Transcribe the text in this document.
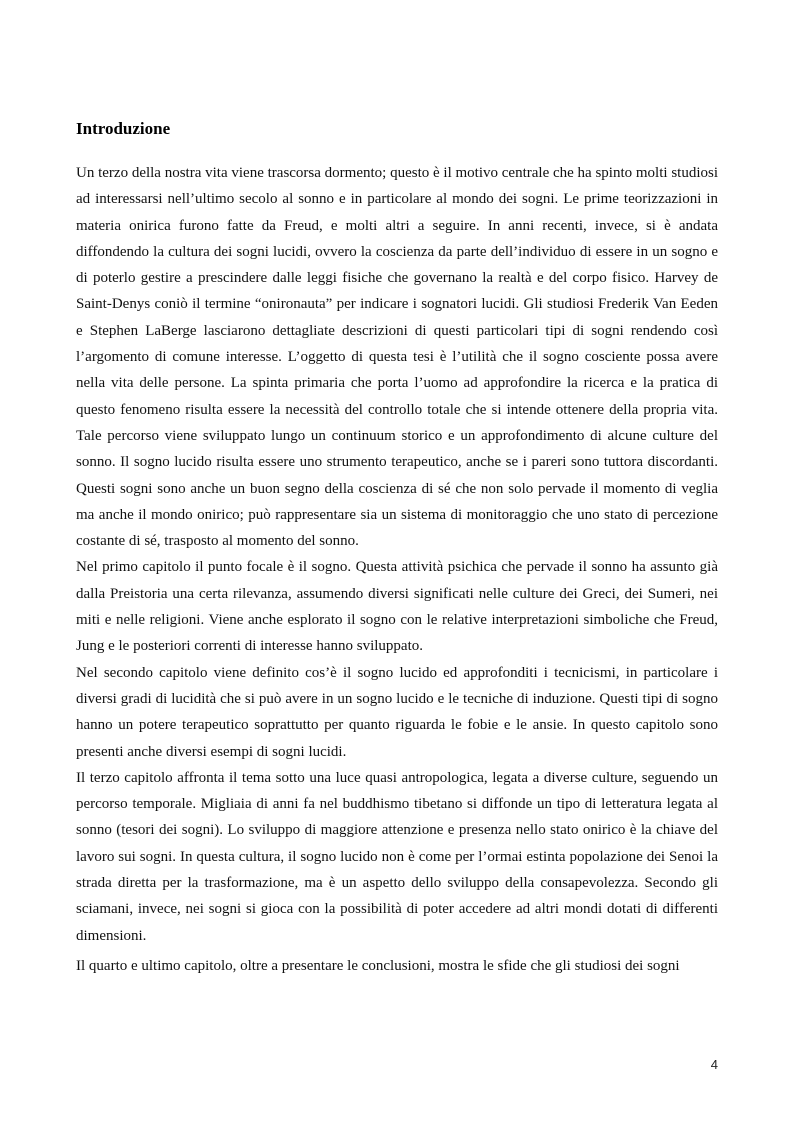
Introduzione

Un terzo della nostra vita viene trascorsa dormento; questo è il motivo centrale che ha spinto molti studiosi ad interessarsi nell’ultimo secolo al sonno e in particolare al mondo dei sogni. Le prime teorizzazioni in materia onirica furono fatte da Freud, e molti altri a seguire. In anni recenti, invece, si è andata diffondendo la cultura dei sogni lucidi, ovvero la coscienza da parte dell’individuo di essere in un sogno e di poterlo gestire a prescindere dalle leggi fisiche che governano la realtà e del corpo fisico. Harvey de Saint-Denys coniò il termine “onironauta” per indicare i sognatori lucidi. Gli studiosi Frederik Van Eeden e Stephen LaBerge lasciarono dettagliate descrizioni di questi particolari tipi di sogni rendendo così l’argomento di comune interesse. L’oggetto di questa tesi è l’utilità che il sogno cosciente possa avere nella vita delle persone. La spinta primaria che porta l’uomo ad approfondire la ricerca e la pratica di questo fenomeno risulta essere la necessità del controllo totale che si intende ottenere della propria vita. Tale percorso viene sviluppato lungo un continuum storico e un approfondimento di alcune culture del sonno. Il sogno lucido risulta essere uno strumento terapeutico, anche se i pareri sono tuttora discordanti. Questi sogni sono anche un buon segno della coscienza di sé che non solo pervade il momento di veglia ma anche il mondo onirico; può rappresentare sia un sistema di monitoraggio che uno stato di percezione costante di sé, trasposto al momento del sonno.

Nel primo capitolo il punto focale è il sogno. Questa attività psichica che pervade il sonno ha assunto già dalla Preistoria una certa rilevanza, assumendo diversi significati nelle culture dei Greci, dei Sumeri, nei miti e nelle religioni. Viene anche esplorato il sogno con le relative interpretazioni simboliche che Freud, Jung e le posteriori correnti di interesse hanno sviluppato.

Nel secondo capitolo viene definito cos’è il sogno lucido ed approfonditi i tecnicismi, in particolare i diversi gradi di lucidità che si può avere in un sogno lucido e le tecniche di induzione. Questi tipi di sogno hanno un potere terapeutico soprattutto per quanto riguarda le fobie e le ansie. In questo capitolo sono presenti anche diversi esempi di sogni lucidi.

Il terzo capitolo affronta il tema sotto una luce quasi antropologica, legata a diverse culture, seguendo un percorso temporale. Migliaia di anni fa nel buddhismo tibetano si diffonde un tipo di letteratura legata al sonno (tesori dei sogni). Lo sviluppo di maggiore attenzione e presenza nello stato onirico è la chiave del lavoro sui sogni. In questa cultura, il sogno lucido non è come per l’ormai estinta popolazione dei Senoi la strada diretta per la trasformazione, ma è un aspetto dello sviluppo della consapevolezza. Secondo gli sciamani, invece, nei sogni si gioca con la possibilità di poter accedere ad altri mondi dotati di differenti dimensioni.

Il quarto e ultimo capitolo, oltre a presentare le conclusioni, mostra le sfide che gli studiosi dei sogni

4
